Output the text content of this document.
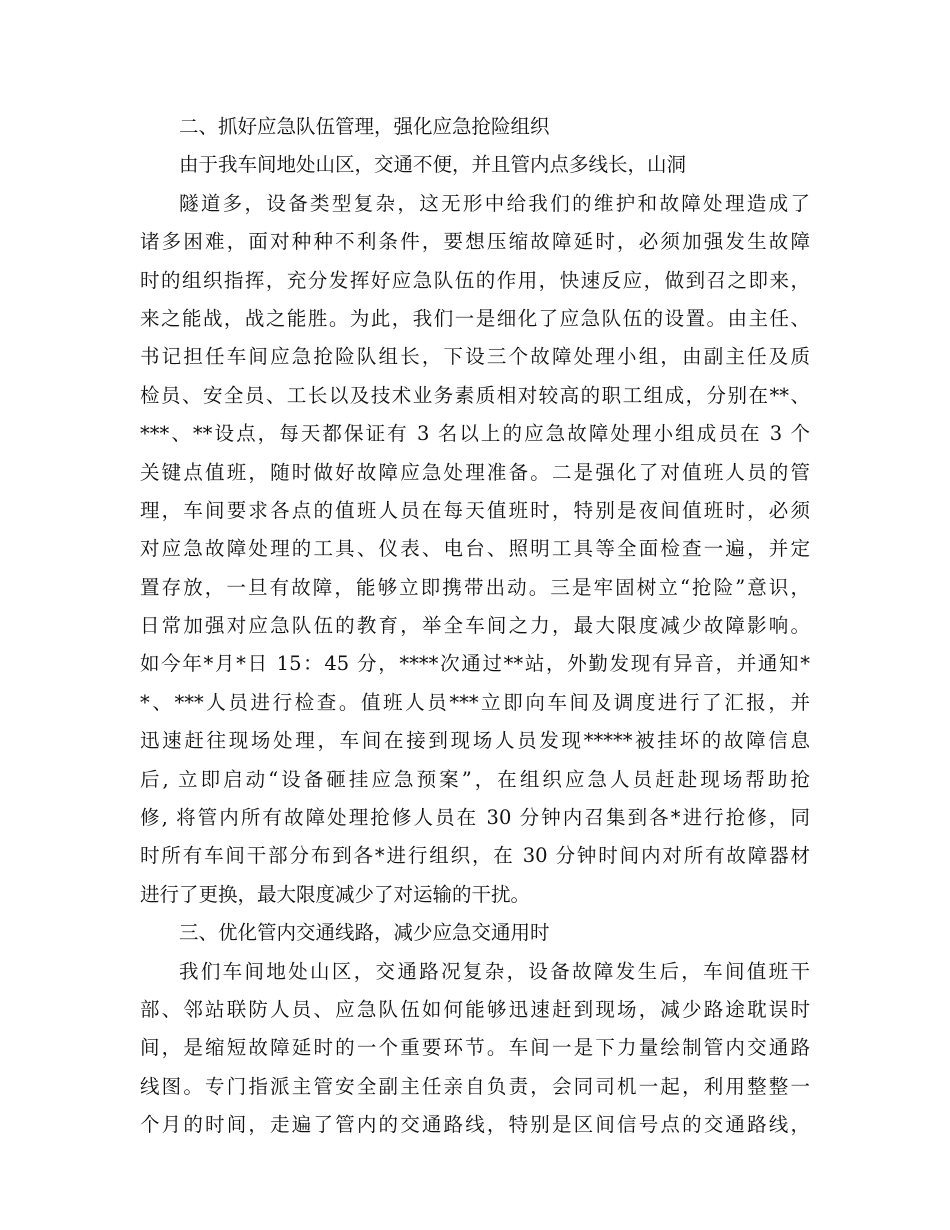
二、抓好应急队伍管理，强化应急抢险组织
由于我车间地处山区，交通不便，并且管内点多线长，山洞
隧道多，设备类型复杂，这无形中给我们的维护和故障处理造成了
诸多困难，面对种种不利条件，要想压缩故障延时，必须加强发生故障
时的组织指挥，充分发挥好应急队伍的作用，快速反应，做到召之即来，
来之能战，战之能胜。为此，我们一是细化了应急队伍的设置。由主任、
书记担任车间应急抢险队组长，下设三个故障处理小组，由副主任及质
检员、安全员、工长以及技术业务素质相对较高的职工组成，分别在**、
***、**设点，每天都保证有 3 名以上的应急故障处理小组成员在 3 个
关键点值班，随时做好故障应急处理准备。二是强化了对值班人员的管
理，车间要求各点的值班人员在每天值班时，特别是夜间值班时，必须
对应急故障处理的工具、仪表、电台、照明工具等全面检查一遍，并定
置存放，一旦有故障，能够立即携带出动。三是牢固树立“抢险”意识，
日常加强对应急队伍的教育，举全车间之力，最大限度减少故障影响。
如今年*月*日 15：45 分，****次通过**站，外勤发现有异音，并通知*
*、***人员进行检查。值班人员***立即向车间及调度进行了汇报，并
迅速赶往现场处理，车间在接到现场人员发现*****被挂坏的故障信息
后, 立即启动“设备砸挂应急预案”，在组织应急人员赶赴现场帮助抢
修, 将管内所有故障处理抢修人员在 30 分钟内召集到各*进行抢修，同
时所有车间干部分布到各*进行组织，在 30 分钟时间内对所有故障器材
进行了更换，最大限度减少了对运输的干扰。
三、优化管内交通线路，减少应急交通用时
我们车间地处山区，交通路况复杂，设备故障发生后，车间值班干
部、邻站联防人员、应急队伍如何能够迅速赶到现场，减少路途耽误时
间，是缩短故障延时的一个重要环节。车间一是下力量绘制管内交通路
线图。专门指派主管安全副主任亲自负责，会同司机一起，利用整整一
个月的时间，走遍了管内的交通路线，特别是区间信号点的交通路线，
